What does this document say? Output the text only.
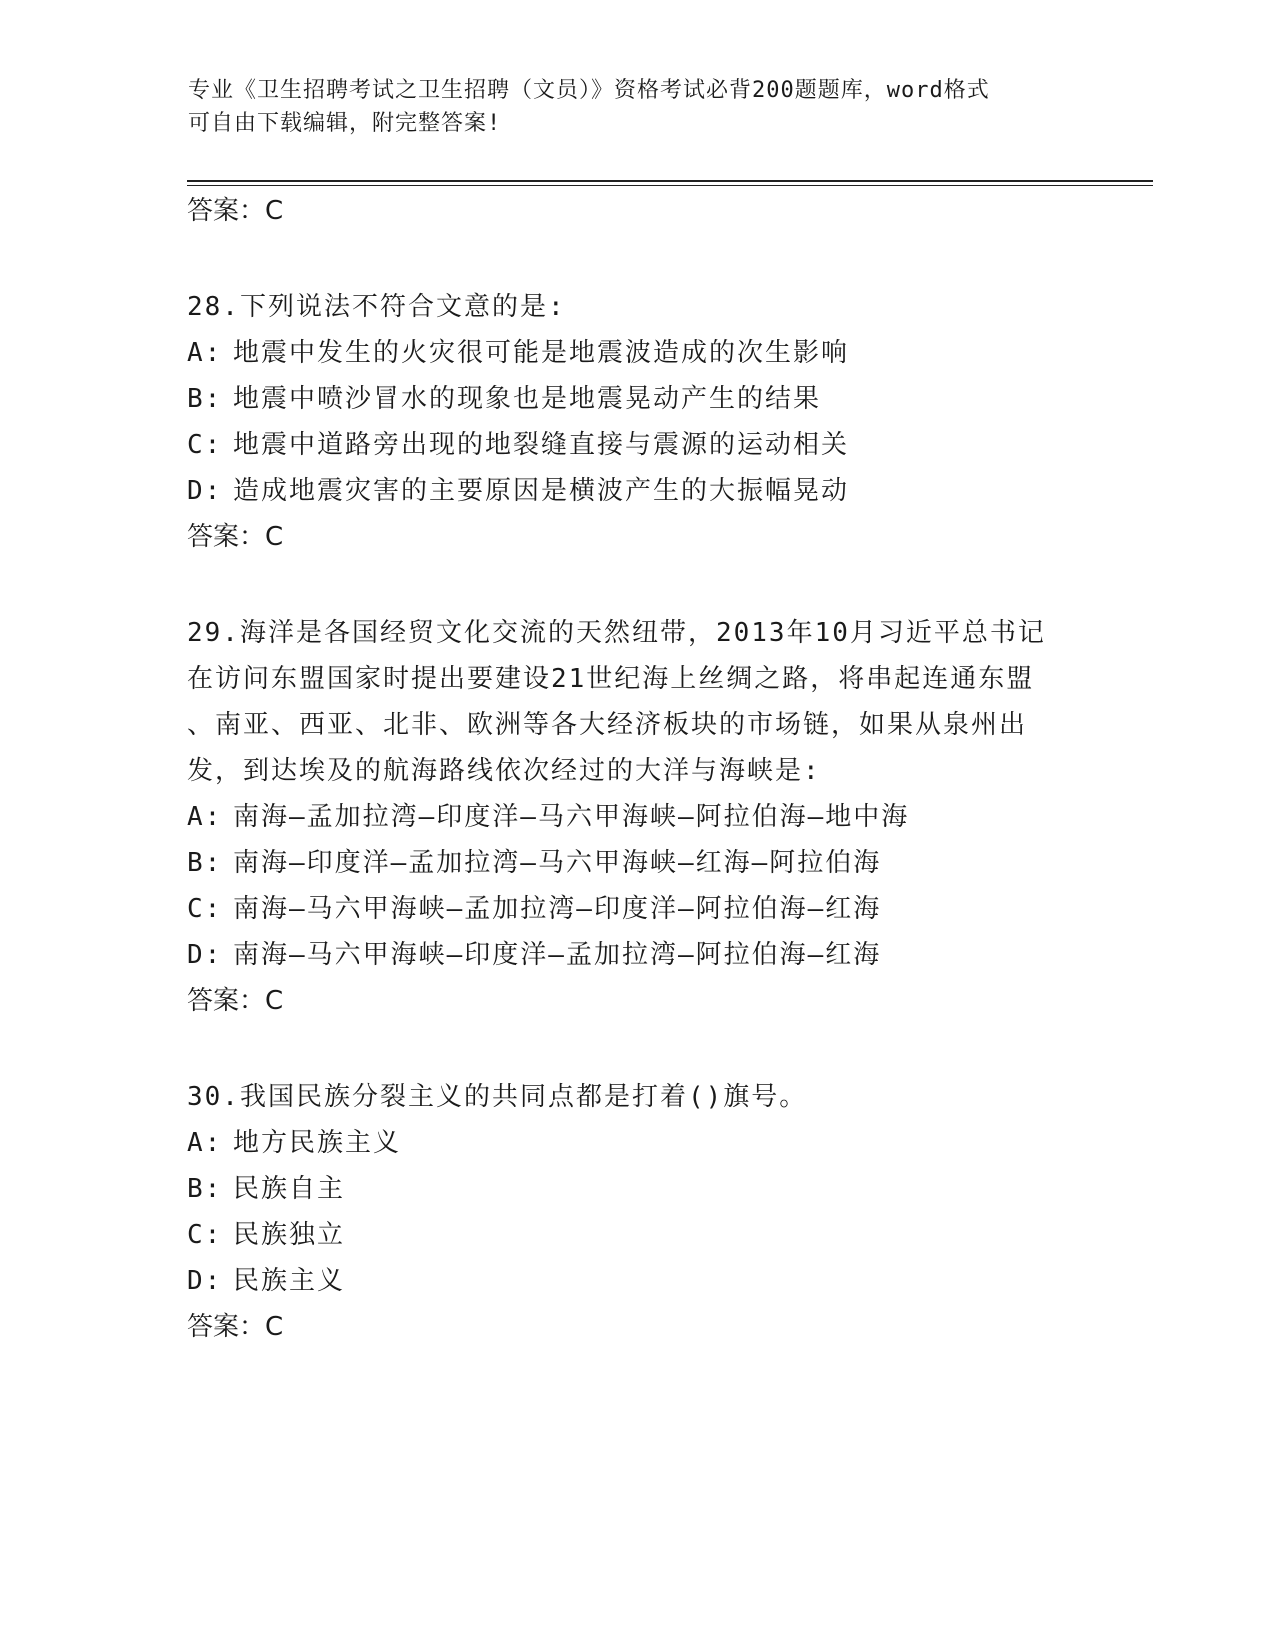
专业《卫生招聘考试之卫生招聘（文员）》资格考试必背200题题库，word格式
可自由下载编辑，附完整答案!
答案：C
28.下列说法不符合文意的是:
A: 地震中发生的火灾很可能是地震波造成的次生影响
B: 地震中喷沙冒水的现象也是地震晃动产生的结果
C: 地震中道路旁出现的地裂缝直接与震源的运动相关
D: 造成地震灾害的主要原因是横波产生的大振幅晃动
答案：C
29.海洋是各国经贸文化交流的天然纽带，2013年10月习近平总书记
在访问东盟国家时提出要建设21世纪海上丝绸之路，将串起连通东盟
、南亚、西亚、北非、欧洲等各大经济板块的市场链，如果从泉州出
发，到达埃及的航海路线依次经过的大洋与海峡是:
A: 南海—孟加拉湾—印度洋—马六甲海峡—阿拉伯海—地中海
B: 南海—印度洋—孟加拉湾—马六甲海峡—红海—阿拉伯海
C: 南海—马六甲海峡—孟加拉湾—印度洋—阿拉伯海—红海
D: 南海—马六甲海峡—印度洋—孟加拉湾—阿拉伯海—红海
答案：C
30.我国民族分裂主义的共同点都是打着()旗号。
A: 地方民族主义
B: 民族自主
C: 民族独立
D: 民族主义
答案：C
